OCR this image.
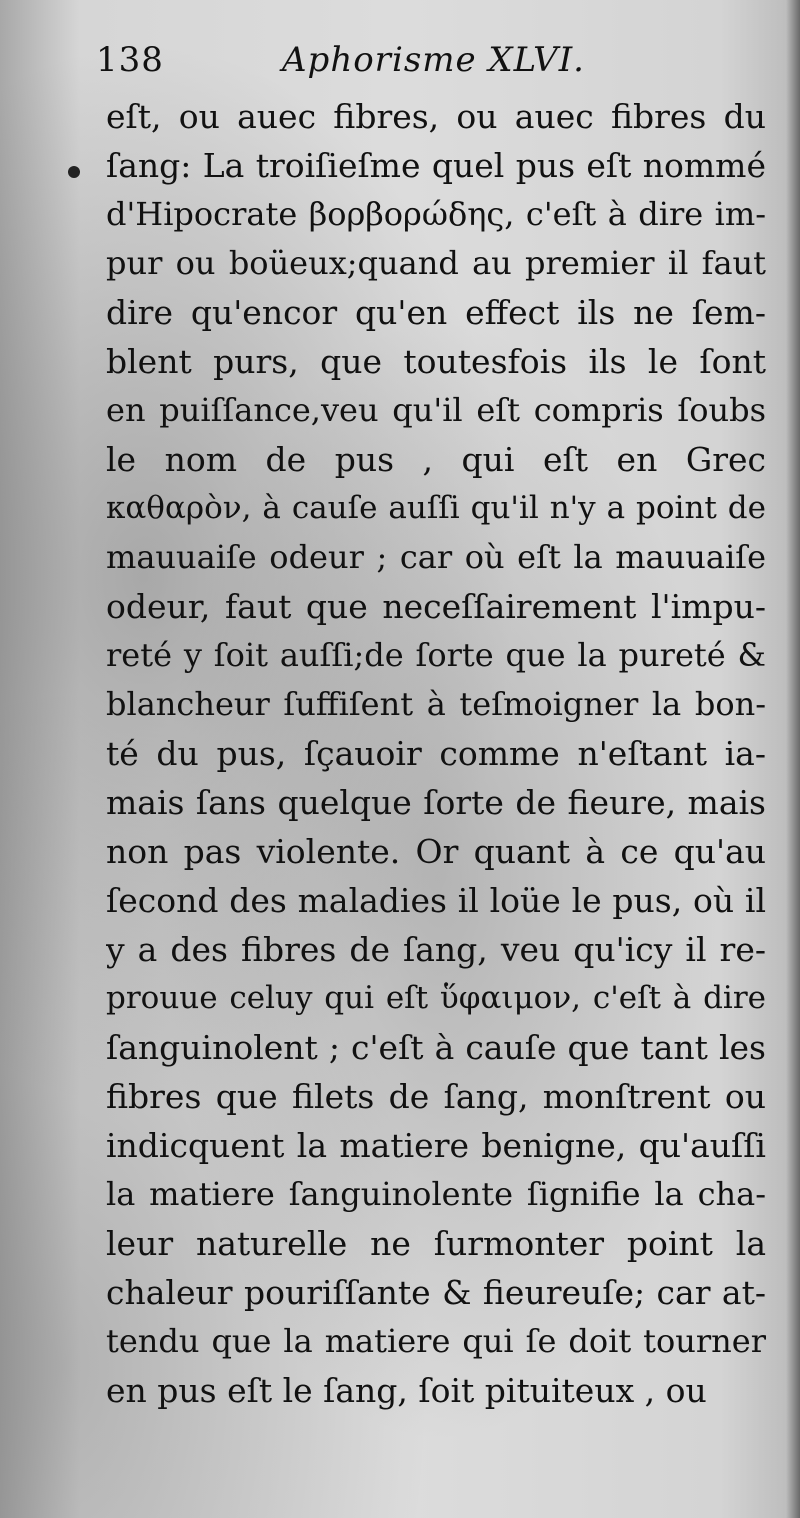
138	Aphorisme XLVI.
eſt, ou auec fibres, ou auec fibres du
ſang: La troiſieſme quel pus eſt nommé
d'Hipocrate βορβορώδης, c'eſt à dire im-
pur ou boüeux;quand au premier il faut
dire qu'encor qu'en effect ils ne ſem-
blent purs, que toutesfois ils le ſont
en puiſſance,veu qu'il eſt compris ſoubs
le nom de pus , qui eſt en Grec
καθαρὸν, à cauſe auſſi qu'il n'y a point de
mauuaiſe odeur ; car où eſt la mauuaiſe
odeur, faut que neceſſairement l'impu-
reté y ſoit auſſi;de ſorte que la pureté &
blancheur ſuffiſent à teſmoigner la bon-
té du pus, ſçauoir comme n'eſtant ia-
mais ſans quelque ſorte de fieure, mais
non pas violente. Or quant à ce qu'au
ſecond des maladies il loüe le pus, où il
y a des fibres de ſang, veu qu'icy il re-
prouue celuy qui eſt ὕφαιμον, c'eſt à dire
ſanguinolent ; c'eſt à cauſe que tant les
fibres que filets de ſang, monſtrent ou
indicquent la matiere benigne, qu'auſſi
la matiere ſanguinolente ſignifie la cha-
leur naturelle ne ſurmonter point la
chaleur pouriſſante & fieureuſe; car at-
tendu que la matiere qui ſe doit tourner
en pus eſt le ſang, ſoit pituiteux , ou
